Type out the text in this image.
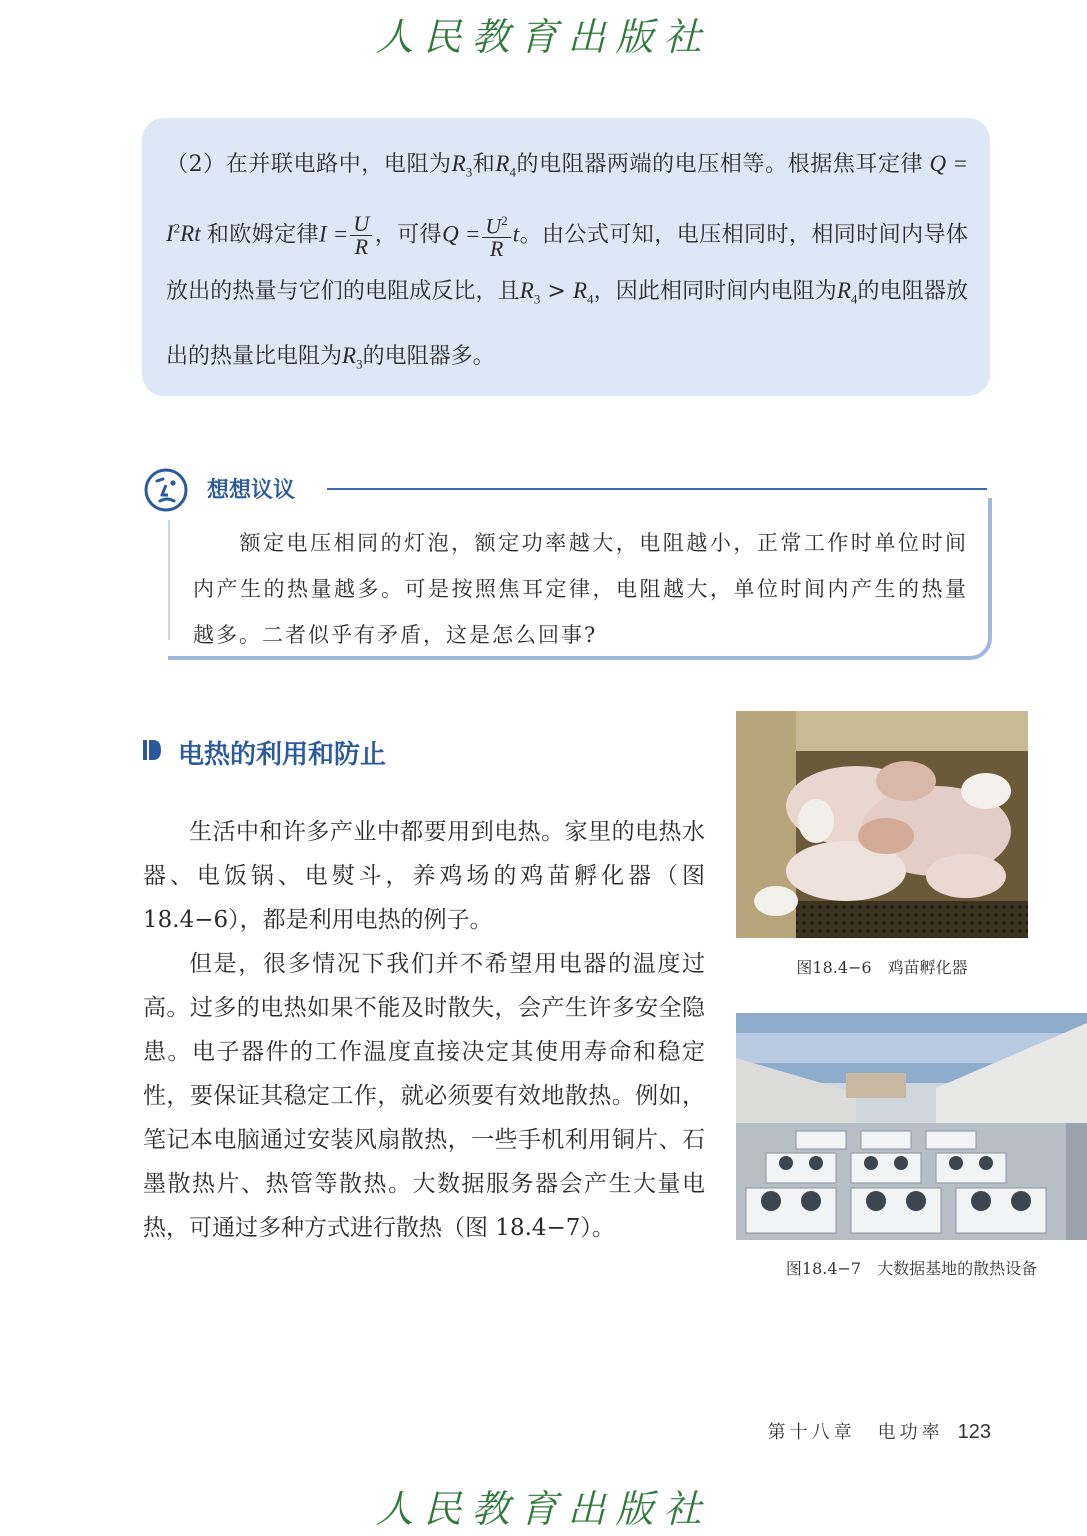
人民教育出版社

（2）在并联电路中，电阻为$R_3$和$R_4$的电阻器两端的电压相等。根据焦耳定律 $Q = I^2Rt$ 和欧姆定律$I = \frac{U}{R}$ ，可得$Q = \frac{U^2}{R}$ t。由公式可知，电压相同时，相同时间内导体放出的热量与它们的电阻成反比，且$R_3 > R_4$，因此相同时间内电阻为$R_4$的电阻器放出的热量比电阻为$R_3$的电阻器多。

想想议议

额定电压相同的灯泡，额定功率越大，电阻越小，正常工作时单位时间内产生的热量越多。可是按照焦耳定律，电阻越大，单位时间内产生的热量越多。二者似乎有矛盾，这是怎么回事?

电热的利用和防止

生活中和许多产业中都要用到电热。家里的电热水器、电饭锅、电熨斗，养鸡场的鸡苗孵化器（图 18.4−6），都是利用电热的例子。

但是，很多情况下我们并不希望用电器的温度过高。过多的电热如果不能及时散失，会产生许多安全隐患。电子器件的工作温度直接决定其使用寿命和稳定性，要保证其稳定工作，就必须要有效地散热。例如，笔记本电脑通过安装风扇散热，一些手机利用铜片、石墨散热片、热管等散热。大数据服务器会产生大量电热，可通过多种方式进行散热（图 18.4−7）。

图18.4−6　鸡苗孵化器
图18.4−7　大数据基地的散热设备
第十八章　电功率 123
人民教育出版社
